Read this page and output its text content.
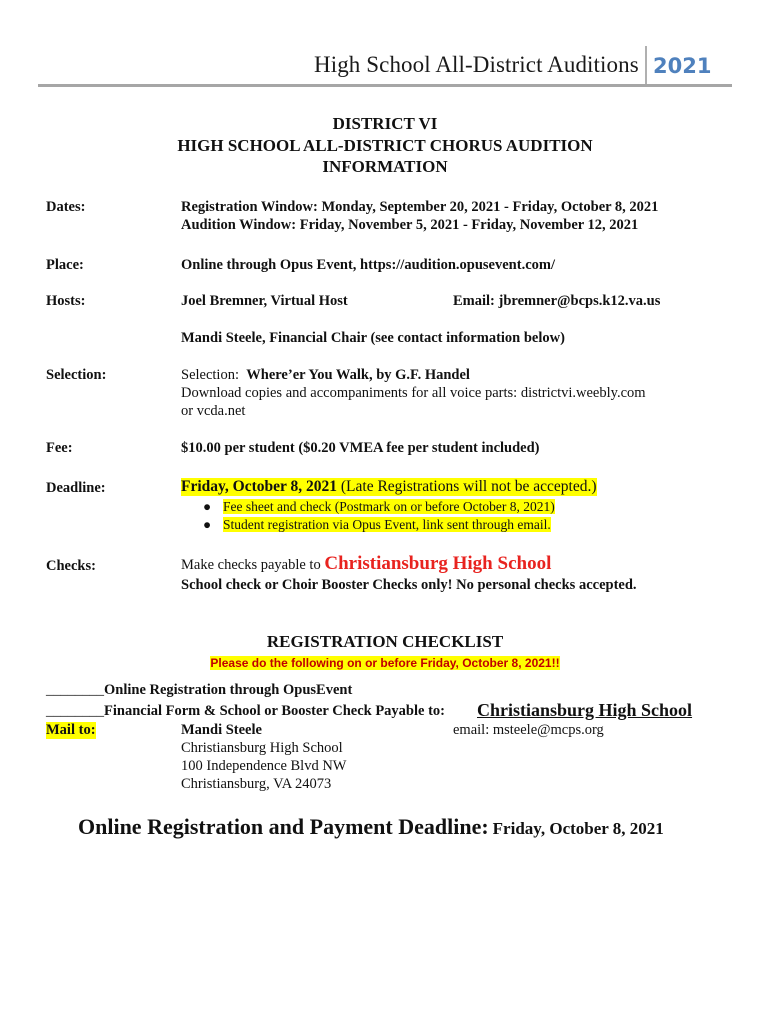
High School All-District Auditions 2021
DISTRICT VI
HIGH SCHOOL ALL-DISTRICT CHORUS AUDITION
INFORMATION
Dates:	Registration Window: Monday, September 20, 2021 - Friday, October 8, 2021
Audition Window: Friday, November 5, 2021 - Friday, November 12, 2021
Place:	Online through Opus Event, https://audition.opusevent.com/
Hosts:	Joel Bremner, Virtual Host	Email: jbremner@bcps.k12.va.us
Mandi Steele, Financial Chair (see contact information below)
Selection:	Selection: Where’er You Walk, by G.F. Handel
Download copies and accompaniments for all voice parts: districtvi.weebly.com
or vcda.net
Fee:	$10.00 per student ($0.20 VMEA fee per student included)
Deadline:	Friday, October 8, 2021 (Late Registrations will not be accepted.)
● Fee sheet and check (Postmark on or before October 8, 2021)
● Student registration via Opus Event, link sent through email.
Checks:	Make checks payable to Christiansburg High School
School check or Choir Booster Checks only! No personal checks accepted.
REGISTRATION CHECKLIST
Please do the following on or before Friday, October 8, 2021!!
________Online Registration through OpusEvent
________Financial Form & School or Booster Check Payable to: Christiansburg High School
Mail to:	Mandi Steele	email: msteele@mcps.org
Christiansburg High School
100 Independence Blvd NW
Christiansburg, VA 24073
Online Registration and Payment Deadline: Friday, October 8, 2021
